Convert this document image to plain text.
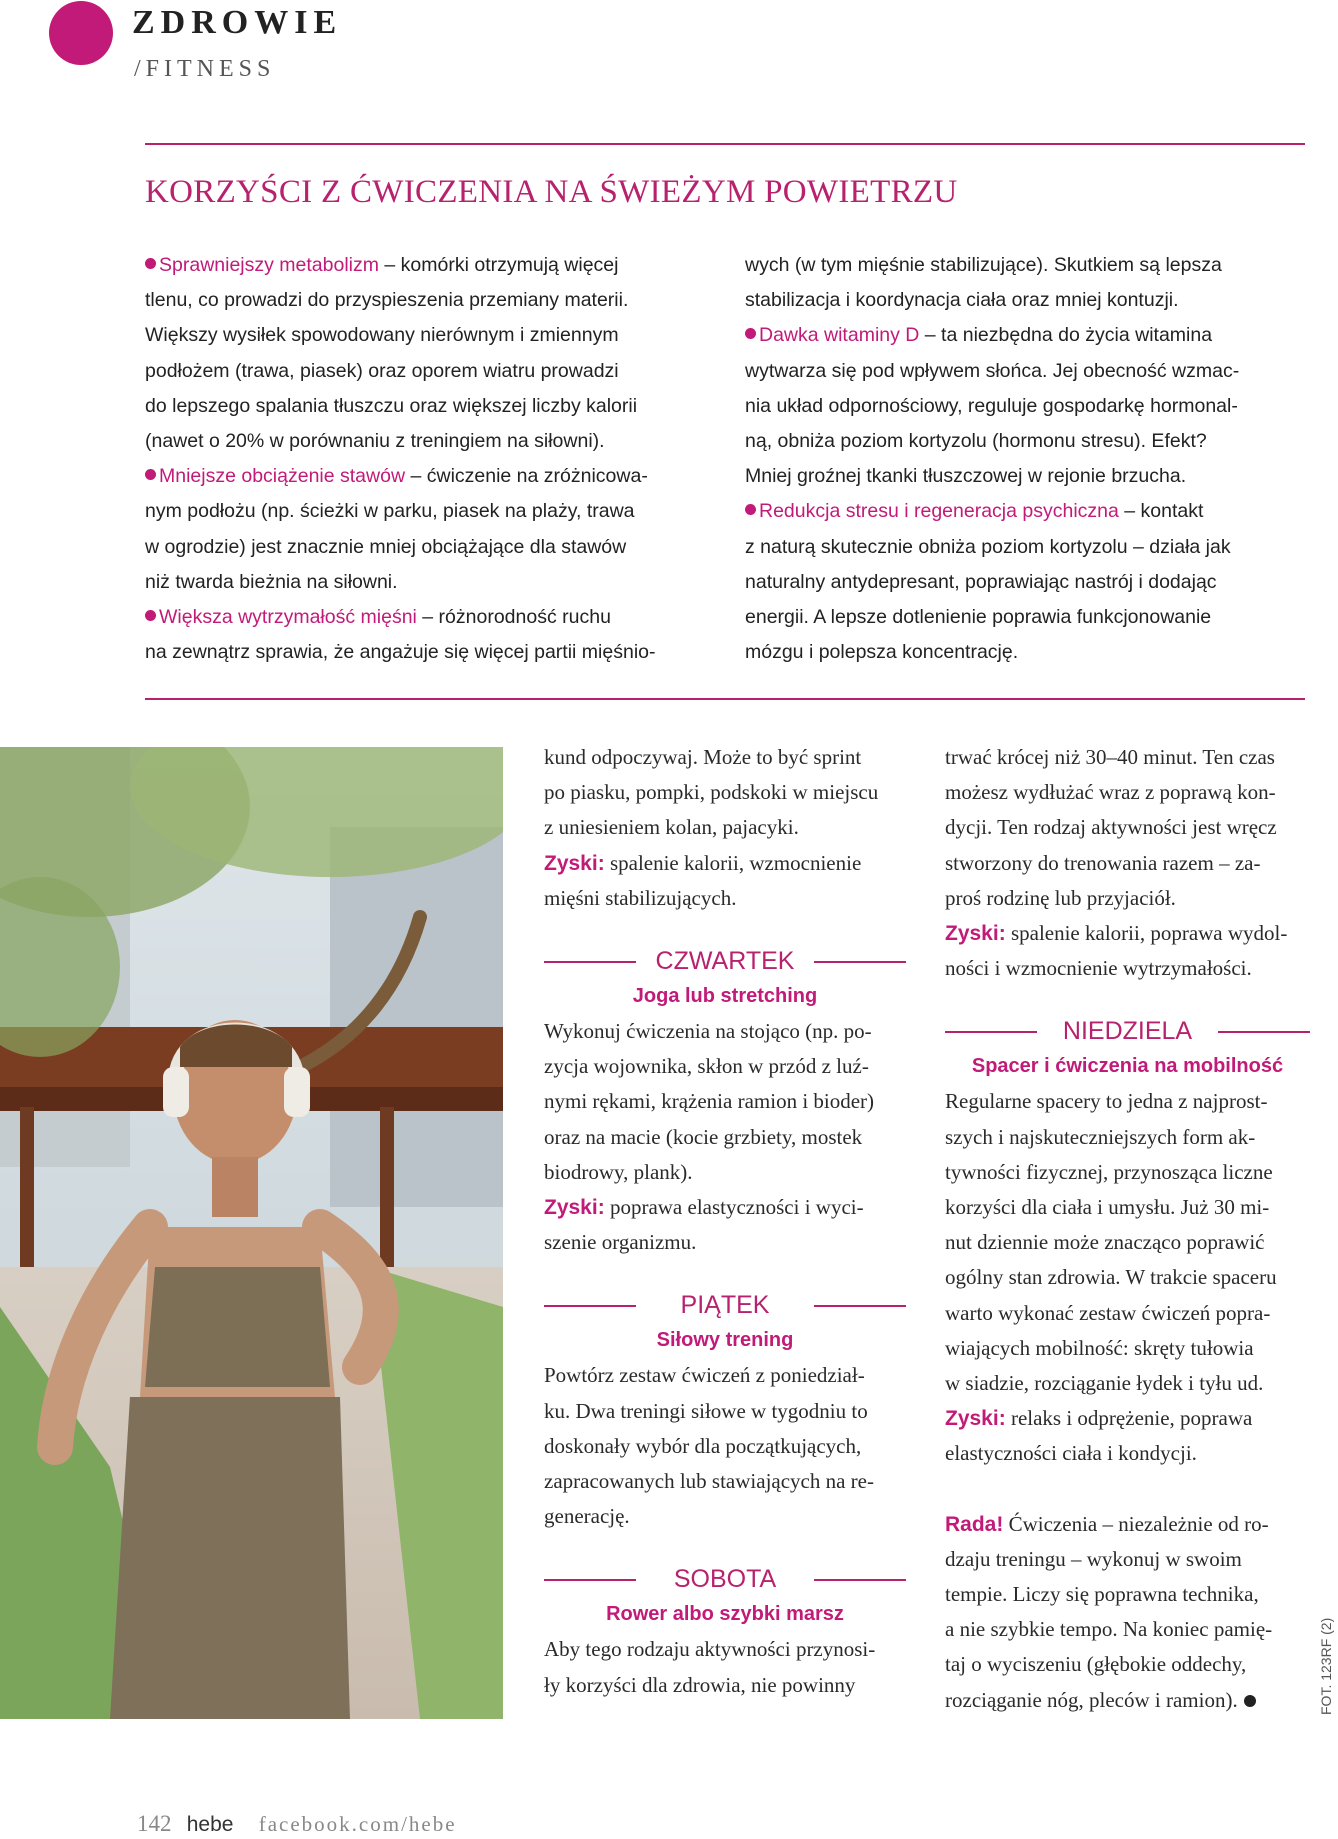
ZDROWIE
/FITNESS
KORZYŚCI Z ĆWICZENIA NA ŚWIEŻYM POWIETRZU

Sprawniejszy metabolizm – komórki otrzymują więcej
tlenu, co prowadzi do przyspieszenia przemiany materii.
Większy wysiłek spowodowany nierównym i zmiennym
podłożem (trawa, piasek) oraz oporem wiatru prowadzi
do lepszego spalania tłuszczu oraz większej liczby kalorii
(nawet o 20% w porównaniu z treningiem na siłowni).

Mniejsze obciążenie stawów – ćwiczenie na zróżnicowa-
nym podłożu (np. ścieżki w parku, piasek na plaży, trawa
w ogrodzie) jest znacznie mniej obciążające dla stawów
niż twarda bieżnia na siłowni.

Większa wytrzymałość mięśni – różnorodność ruchu
na zewnątrz sprawia, że angażuje się więcej partii mięśnio-

wych (w tym mięśnie stabilizujące). Skutkiem są lepsza
stabilizacja i koordynacja ciała oraz mniej kontuzji.

Dawka witaminy D – ta niezbędna do życia witamina
wytwarza się pod wpływem słońca. Jej obecność wzmac-
nia układ odpornościowy, reguluje gospodarkę hormonal-
ną, obniża poziom kortyzolu (hormonu stresu). Efekt?
Mniej groźnej tkanki tłuszczowej w rejonie brzucha.

Redukcja stresu i regeneracja psychiczna – kontakt
z naturą skutecznie obniża poziom kortyzolu – działa jak
naturalny antydepresant, poprawiając nastrój i dodając
energii. A lepsze dotlenienie poprawia funkcjonowanie
mózgu i polepsza koncentrację.

kund odpoczywaj. Może to być sprint
po piasku, pompki, podskoki w miejscu
z uniesieniem kolan, pajacyki.

Zyski: spalenie kalorii, wzmocnienie
mięśni stabilizujących.

CZWARTEK
Joga lub stretching

Wykonuj ćwiczenia na stojąco (np. po-
zycja wojownika, skłon w przód z luź-
nymi rękami, krążenia ramion i bioder)
oraz na macie (kocie grzbiety, mostek
biodrowy, plank).

Zyski: poprawa elastyczności i wyci-
szenie organizmu.

PIĄTEK
Siłowy trening

Powtórz zestaw ćwiczeń z poniedział-
ku. Dwa treningi siłowe w tygodniu to
doskonały wybór dla początkujących,
zapracowanych lub stawiających na re-
generację.

SOBOTA
Rower albo szybki marsz

Aby tego rodzaju aktywności przynosi-
ły korzyści dla zdrowia, nie powinny

trwać krócej niż 30–40 minut. Ten czas
możesz wydłużać wraz z poprawą kon-
dycji. Ten rodzaj aktywności jest wręcz
stworzony do trenowania razem – za-
proś rodzinę lub przyjaciół.

Zyski: spalenie kalorii, poprawa wydol-
ności i wzmocnienie wytrzymałości.

NIEDZIELA
Spacer i ćwiczenia na mobilność

Regularne spacery to jedna z najprost-
szych i najskuteczniejszych form ak-
tywności fizycznej, przynosząca liczne
korzyści dla ciała i umysłu. Już 30 mi-
nut dziennie może znacząco poprawić
ogólny stan zdrowia. W trakcie spaceru
warto wykonać zestaw ćwiczeń popra-
wiających mobilność: skręty tułowia
w siadzie, rozciąganie łydek i tyłu ud.

Zyski: relaks i odprężenie, poprawa
elastyczności ciała i kondycji.

Rada! Ćwiczenia – niezależnie od ro-
dzaju treningu – wykonuj w swoim
tempie. Liczy się poprawna technika,
a nie szybkie tempo. Na koniec pamię-
taj o wyciszeniu (głębokie oddechy,
rozciąganie nóg, pleców i ramion).	FOT. 123RF (2)
142 hebe facebook.com/hebe
